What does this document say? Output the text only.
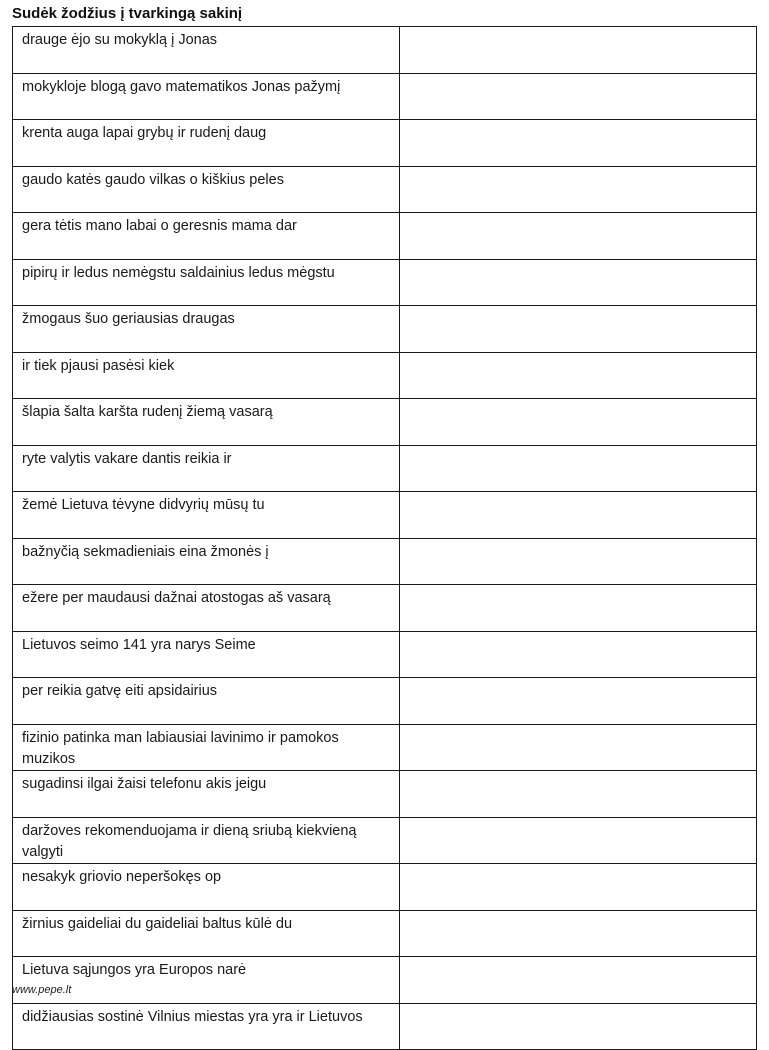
Sudėk žodžius į tvarkingą sakinį
drauge ėjo su mokyklą į Jonas	
mokykloje blogą gavo matematikos Jonas pažymį	
krenta auga lapai grybų ir rudenį daug	
gaudo katės gaudo vilkas o kiškius peles	
gera tėtis mano labai o geresnis mama dar	
pipirų ir ledus nemėgstu saldainius ledus mėgstu	
žmogaus šuo geriausias draugas	
ir tiek pjausi pasėsi kiek	
šlapia šalta karšta rudenį žiemą vasarą	
ryte valytis vakare dantis reikia ir	
žemė Lietuva tėvyne didvyrių mūsų tu	
bažnyčią sekmadieniais eina žmonės į	
ežere per maudausi dažnai atostogas aš vasarą	
Lietuvos seimo 141 yra narys Seime	
per reikia gatvę eiti apsidairius	
fizinio patinka man labiausiai lavinimo ir pamokos muzikos	
sugadinsi ilgai žaisi telefonu akis jeigu	
daržoves rekomenduojama ir dieną sriubą kiekvieną valgyti	
nesakyk griovio neperšokęs op	
žirnius gaideliai du gaideliai baltus kūlė du	
Lietuva sąjungos yra Europos narė	
didžiausias sostinė Vilnius miestas yra yra ir Lietuvos	
www.pepe.lt
